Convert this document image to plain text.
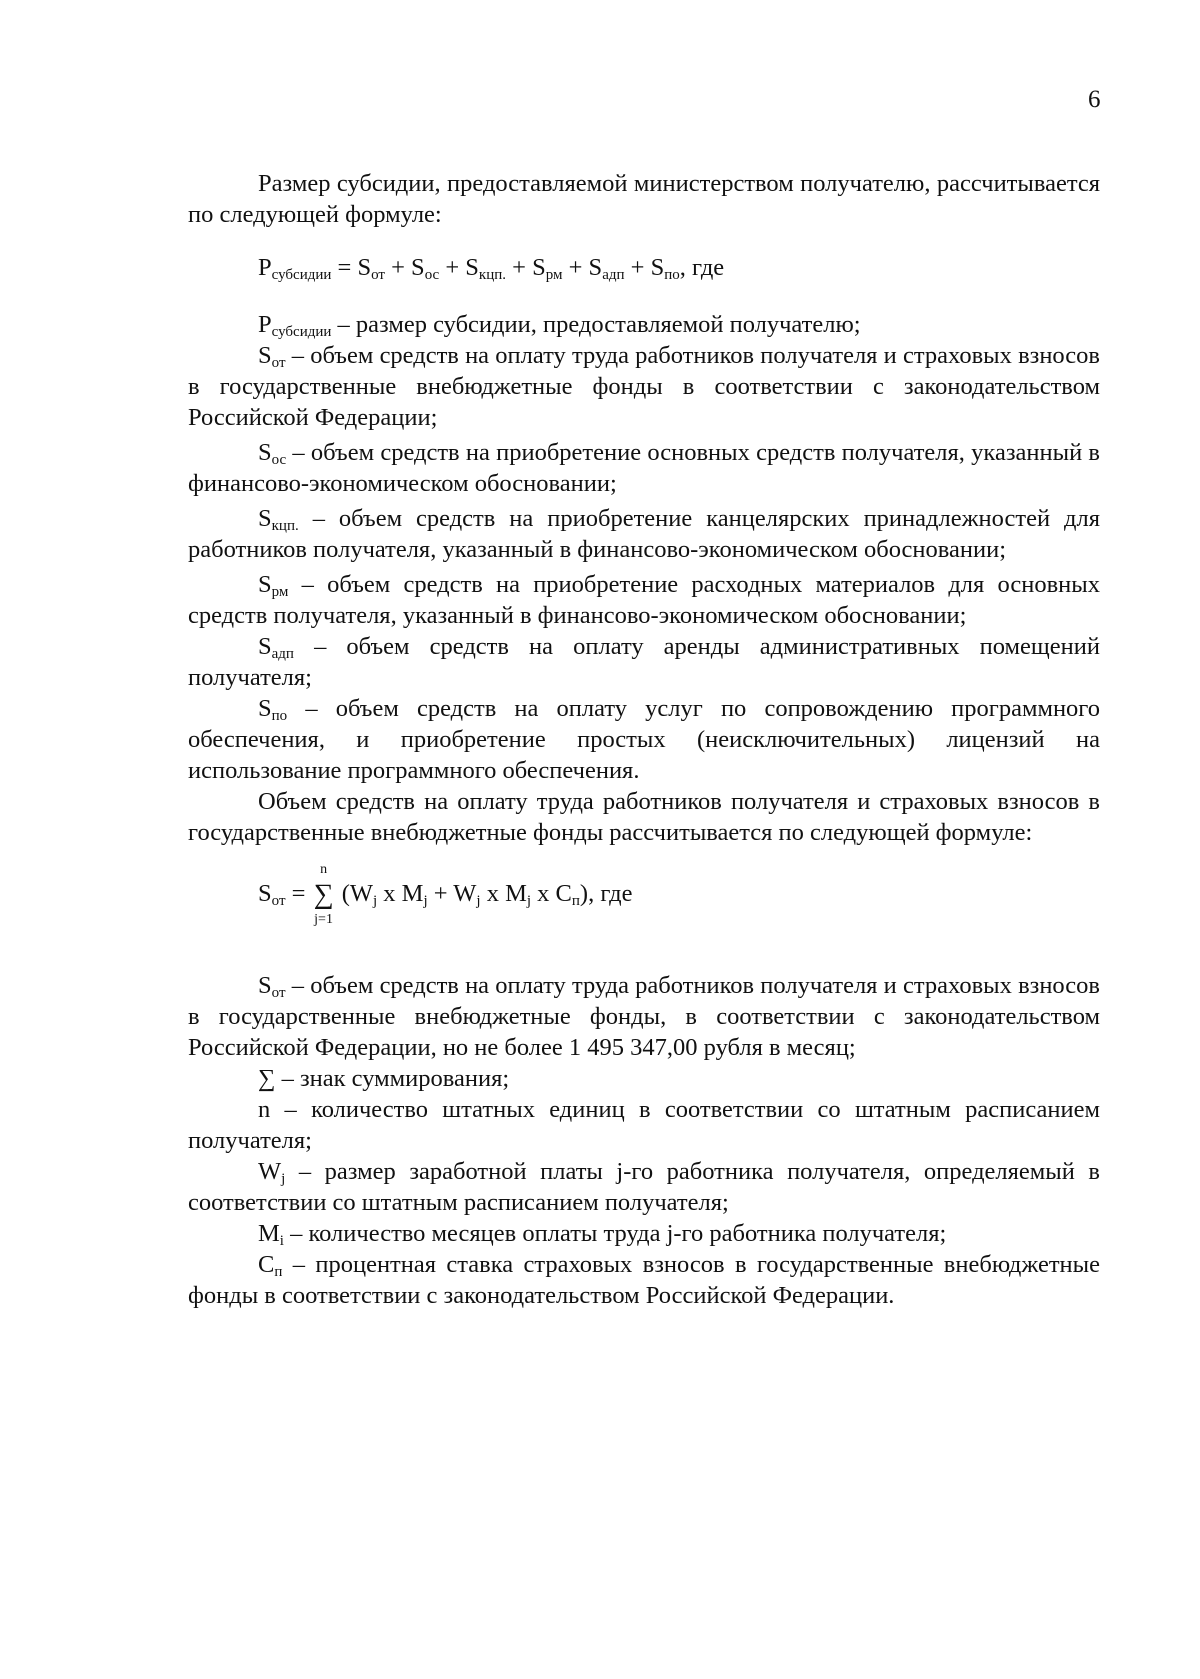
6

Размер субсидии, предоставляемой министерством получателю, рассчитывается по следующей формуле:

$Р_{субсидии} = S_{от} + S_{ос} + S_{кцп.} + S_{рм} + S_{адп} + S_{по}$, где

$Р_{субсидии}$ – размер субсидии, предоставляемой получателю;

$S_{от}$ – объем средств на оплату труда работников получателя и страховых взносов в государственные внебюджетные фонды в соответствии с законодательством Российской Федерации;

$S_{ос}$ – объем средств на приобретение основных средств получателя, указанный в финансово-экономическом обосновании;

$S_{кцп.}$ – объем средств на приобретение канцелярских принадлежностей для работников получателя, указанный в финансово-экономическом обосновании;

$S_{рм}$ – объем средств на приобретение расходных материалов для основных средств получателя, указанный в финансово-экономическом обосновании;

$S_{адп}$ – объем средств на оплату аренды административных помещений получателя;

$S_{по}$ – объем средств на оплату услуг по сопровождению программного обеспечения, и приобретение простых (неисключительных) лицензий на использование программного обеспечения.

Объем средств на оплату труда работников получателя и страховых взносов в государственные внебюджетные фонды рассчитывается по следующей формуле:

$S_{от}$ =
n
∑
j=1
($W_j$ x $M_j + W_j$ x $M_j$ x $C_п$), где

$S_{от}$ – объем средств на оплату труда работников получателя и страховых взносов в государственные внебюджетные фонды, в соответствии с законодательством Российской Федерации, но не более 1 495 347,00 рубля в месяц;

∑ – знак суммирования;

n – количество штатных единиц в соответствии со штатным расписанием получателя;

$W_j$ – размер заработной платы j-го работника получателя, определяемый в соответствии со штатным расписанием получателя;

$M_i$ – количество месяцев оплаты труда j-го работника получателя;

$С_п$ – процентная ставка страховых взносов в государственные внебюджетные фонды в соответствии с законодательством Российской Федерации.
